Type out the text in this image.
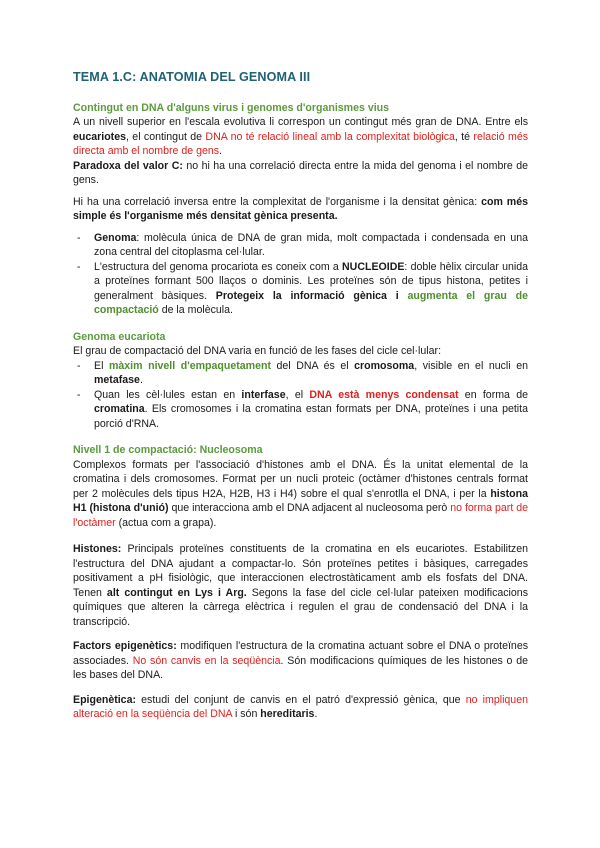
TEMA 1.C: ANATOMIA DEL GENOMA III
Contingut en DNA d'alguns virus i genomes d'organismes vius

A un nivell superior en l'escala evolutiva li correspon un contingut més gran de DNA. Entre els eucariotes, el contingut de DNA no té relació lineal amb la complexitat biològica, té relació més directa amb el nombre de gens.

Paradoxa del valor C: no hi ha una correlació directa entre la mida del genoma i el nombre de gens.

Hi ha una correlació inversa entre la complexitat de l'organisme i la densitat gènica: com més simple és l'organisme més densitat gènica presenta.

- Genoma: molècula única de DNA de gran mida, molt compactada i condensada en una zona central del citoplasma cel·lular.
- L'estructura del genoma procariota es coneix com a NUCLEOIDE: doble hèlix circular unida a proteïnes formant 500 llaços o dominis. Les proteïnes són de tipus histona, petites i generalment bàsiques. Protegeix la informació gènica i augmenta el grau de compactació de la molècula.
Genoma eucariota

El grau de compactació del DNA varia en funció de les fases del cicle cel·lular:

- El màxim nivell d'empaquetament del DNA és el cromosoma, visible en el nucli en metafase.
- Quan les cèl·lules estan en interfase, el DNA està menys condensat en forma de cromatina. Els cromosomes i la cromatina estan formats per DNA, proteïnes i una petita porció d'RNA.
Nivell 1 de compactació: Nucleosoma

Complexos formats per l'associació d'histones amb el DNA. És la unitat elemental de la cromatina i dels cromosomes. Format per un nucli proteic (octàmer d'histones centrals format per 2 molècules dels tipus H2A, H2B, H3 i H4) sobre el qual s'enrotlla el DNA, i per la histona H1 (histona d'unió) que interacciona amb el DNA adjacent al nucleosoma però no forma part de l'octàmer (actua com a grapa).

Histones: Principals proteïnes constituents de la cromatina en els eucariotes. Estabilitzen l'estructura del DNA ajudant a compactar-lo. Són proteïnes petites i bàsiques, carregades positivament a pH fisiològic, que interaccionen electrostàticament amb els fosfats del DNA. Tenen alt contingut en Lys i Arg. Segons la fase del cicle cel·lular pateixen modificacions químiques que alteren la càrrega elèctrica i regulen el grau de condensació del DNA i la transcripció.

Factors epigenètics: modifiquen l'estructura de la cromatina actuant sobre el DNA o proteïnes associades. No són canvis en la seqüència. Són modificacions químiques de les histones o de les bases del DNA.

Epigenètica: estudi del conjunt de canvis en el patró d'expressió gènica, que no impliquen alteració en la seqüència del DNA i són hereditaris.
